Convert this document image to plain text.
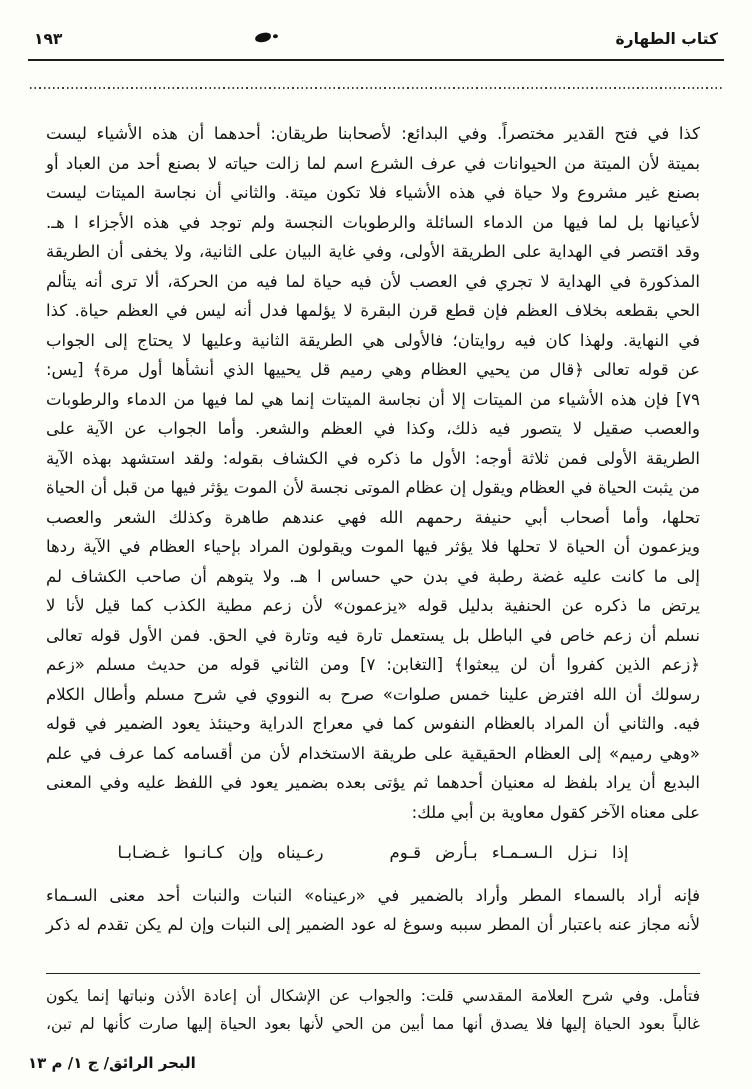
كتاب الطهارة
١٩٣
كذا في فتح القدير مختصراً. وفي البدائع: لأصحابنا طريقان: أحدهما أن هذه الأشياء ليست
بميتة لأن الميتة من الحيوانات في عرف الشرع اسم لما زالت حياته لا بصنع أحد من العباد أو
بصنع غير مشروع ولا حياة في هذه الأشياء فلا تكون ميتة. والثاني أن نجاسة الميتات ليست
لأعيانها بل لما فيها من الدماء السائلة والرطوبات النجسة ولم توجد في هذه الأجزاء ا هـ.
وقد اقتصر في الهداية على الطريقة الأولى، وفي غاية البيان على الثانية، ولا يخفى أن الطريقة
المذكورة في الهداية لا تجري في العصب لأن فيه حياة لما فيه من الحركة، ألا ترى أنه يتألم
الحي بقطعه بخلاف العظم فإن قطع قرن البقرة لا يؤلمها فدل أنه ليس في العظم حياة. كذا
في النهاية. ولهذا كان فيه روايتان؛ فالأولى هي الطريقة الثانية وعليها لا يحتاج إلى الجواب
عن قوله تعالى ﴿قال من يحيي العظام وهي رميم قل يحييها الذي أنشأها أول مرة﴾ [يس:
٧٩] فإن هذه الأشياء من الميتات إلا أن نجاسة الميتات إنما هي لما فيها من الدماء والرطوبات
والعصب صقيل لا يتصور فيه ذلك، وكذا في العظم والشعر. وأما الجواب عن الآية على
الطريقة الأولى فمن ثلاثة أوجه: الأول ما ذكره في الكشاف بقوله: ولقد استشهد بهذه الآية
من يثبت الحياة في العظام ويقول إن عظام الموتى نجسة لأن الموت يؤثر فيها من قبل أن الحياة
تحلها، وأما أصحاب أبي حنيفة رحمهم الله فهي عندهم طاهرة وكذلك الشعر والعصب
ويزعمون أن الحياة لا تحلها فلا يؤثر فيها الموت ويقولون المراد بإحياء العظام في الآية ردها
إلى ما كانت عليه غضة رطبة في بدن حي حساس ا هـ. ولا يتوهم أن صاحب الكشاف لم
يرتض ما ذكره عن الحنفية بدليل قوله «يزعمون» لأن زعم مطية الكذب كما قيل لأنا لا
نسلم أن زعم خاص في الباطل بل يستعمل تارة فيه وتارة في الحق. فمن الأول قوله تعالى
﴿زعم الذين كفروا أن لن يبعثوا﴾ [التغابن: ٧] ومن الثاني قوله من حديث مسلم «زعم
رسولك أن الله افترض علينا خمس صلوات» صرح به النووي في شرح مسلم وأطال الكلام
فيه. والثاني أن المراد بالعظام النفوس كما في معراج الدراية وحينئذ يعود الضمير في قوله
«وهي رميم» إلى العظام الحقيقية على طريقة الاستخدام لأن من أقسامه كما عرف في علم
البديع أن يراد بلفظ له معنيان أحدهما ثم يؤتى بعده بضمير يعود في اللفظ عليه وفي المعنى
على معناه الآخر كقول معاوية بن أبي ملك:
إذا نـزل الـسـمـاء بـأرض قـوم
رعـيناه وإن كـانـوا غـضـابـا
فإنه أراد بالسماء المطر وأراد بالضمير في «رعيناه» النبات والنبات أحد معنى السـماء
لأنه مجاز عنه باعتبار أن المطر سببه وسوغ له عود الضمير إلى النبات وإن لم يكن تقدم له ذكر
فتأمل. وفي شرح العلامة المقدسي قلت: والجواب عن الإشكال أن إعادة الأذن ونباتها إنما يكون
غالباً بعود الحياة إليها فلا يصدق أنها مما أبين من الحي لأنها بعود الحياة إليها صارت كأنها لم تبن،
البحر الرائق/ ج ١/ م ١٣
